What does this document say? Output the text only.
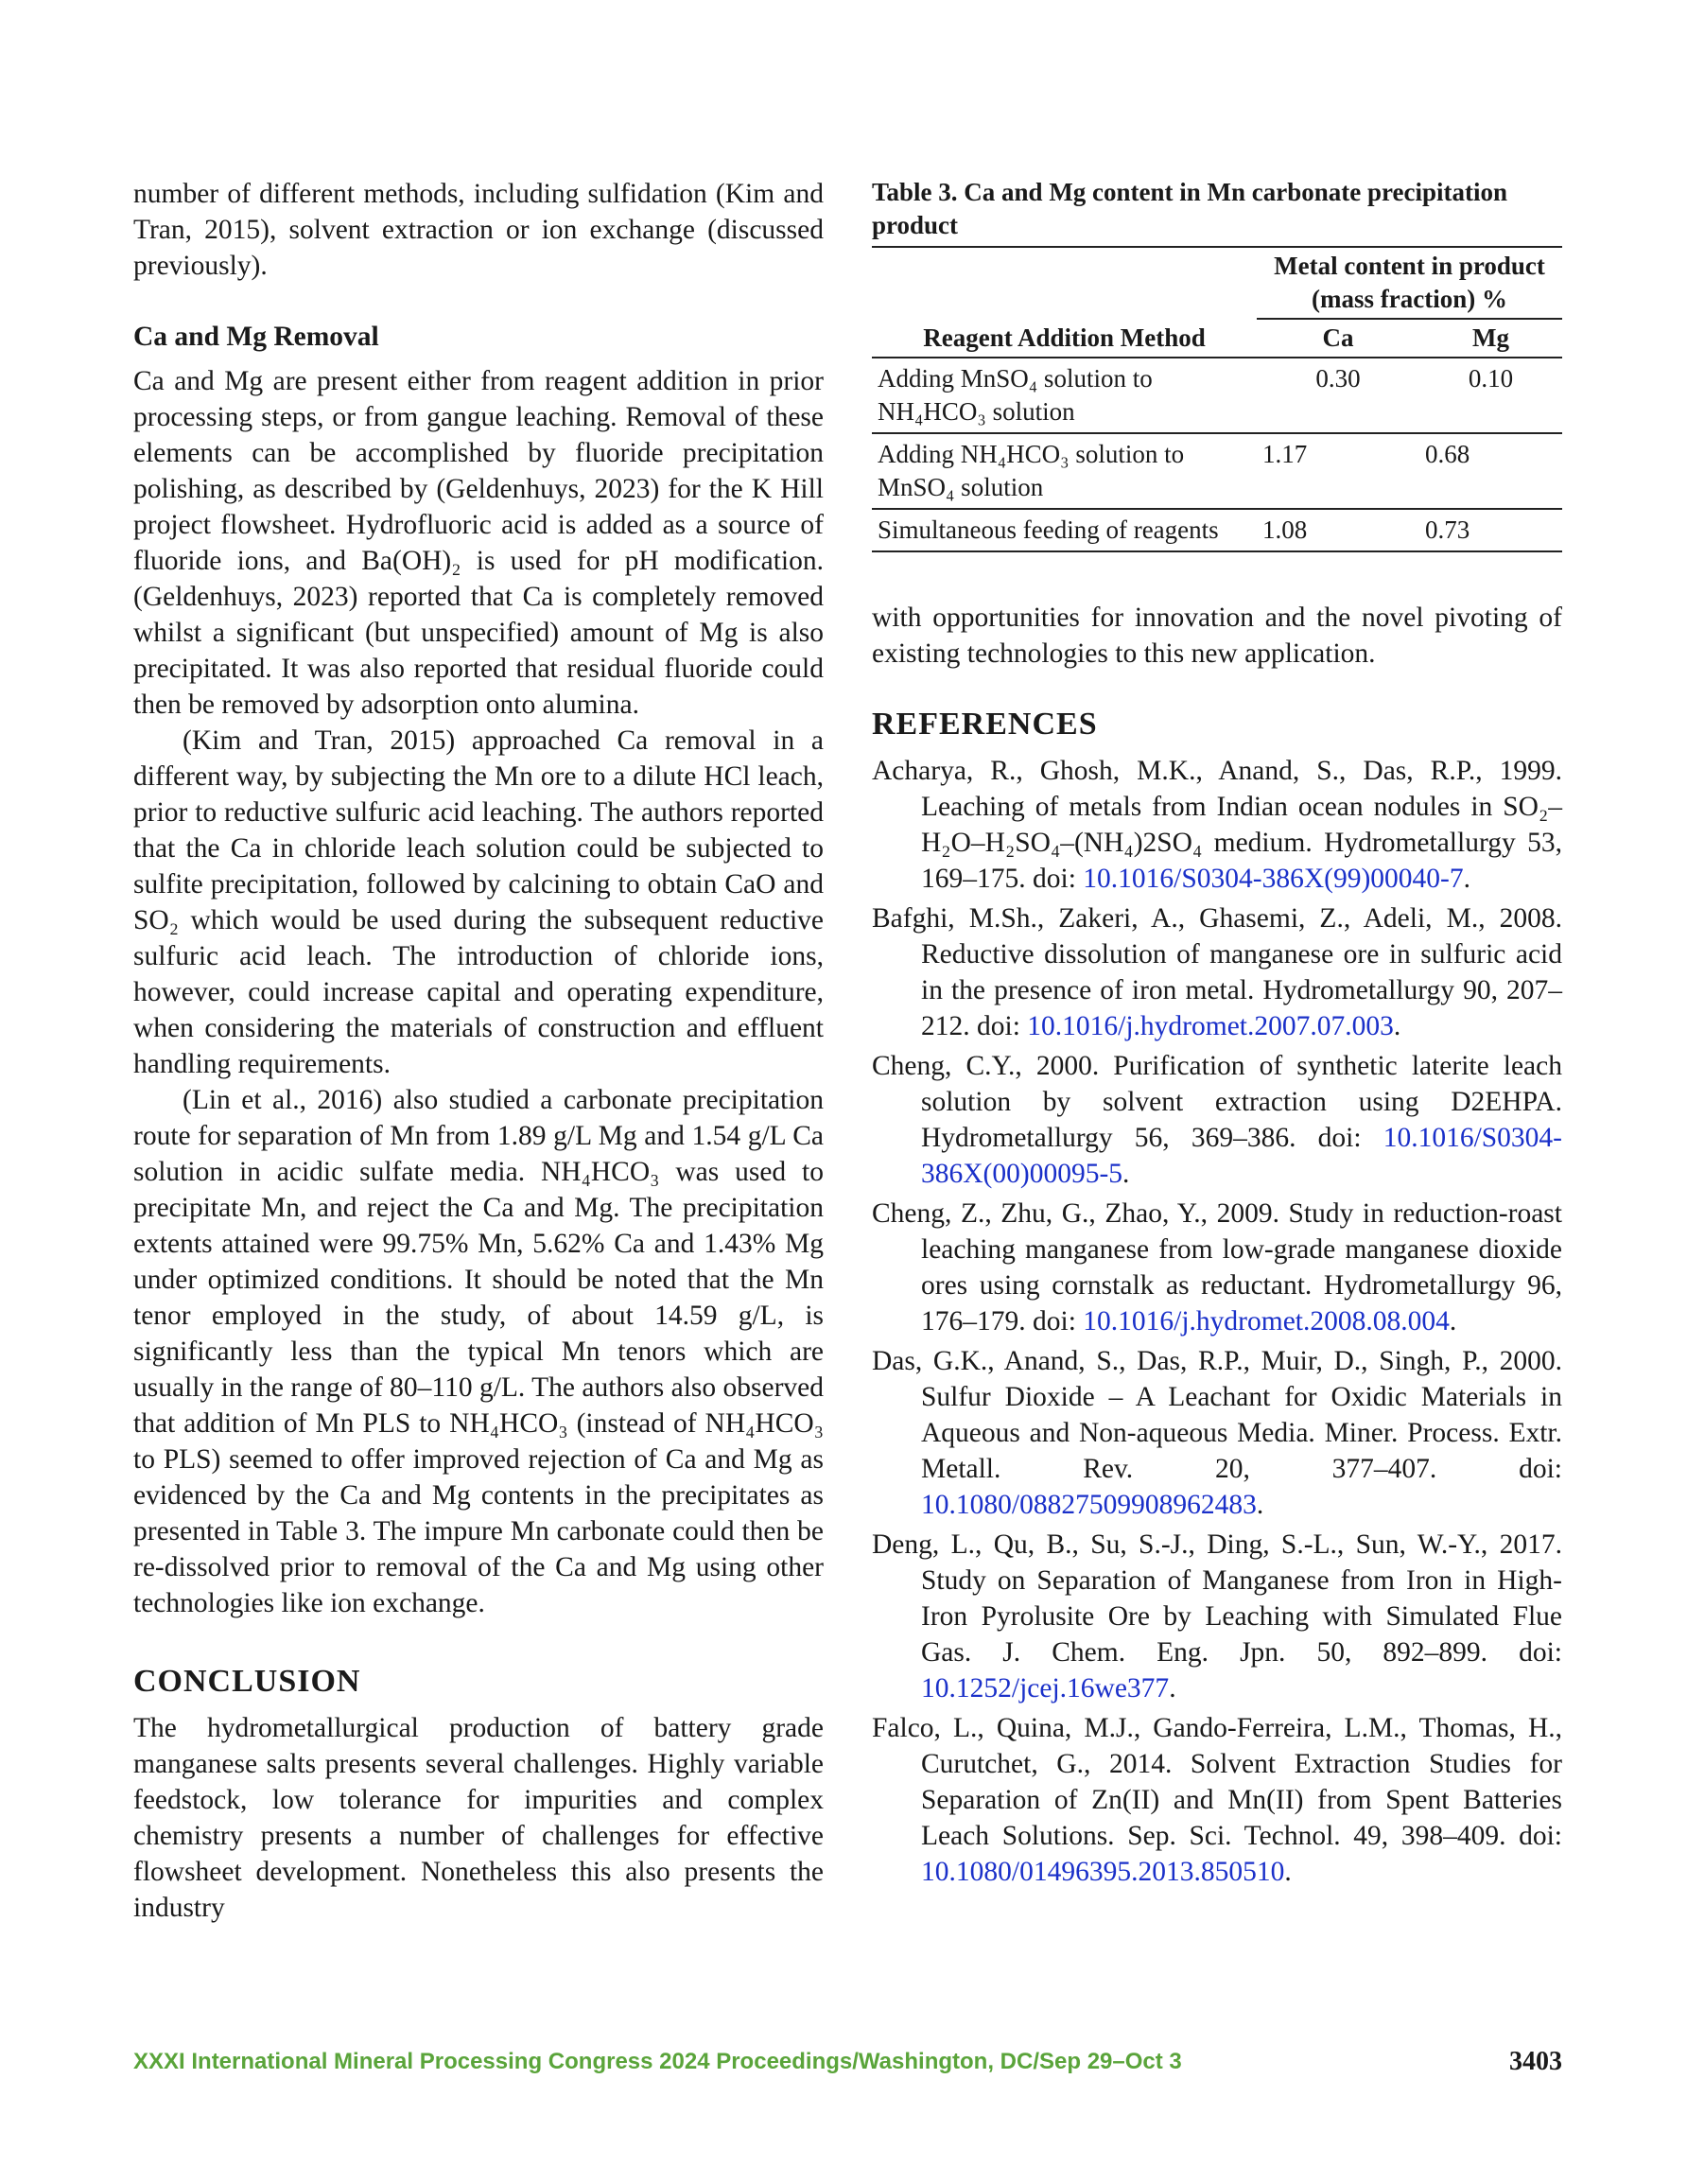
number of different methods, including sulfidation (Kim and Tran, 2015), solvent extraction or ion exchange (discussed previously).

Ca and Mg Removal

Ca and Mg are present either from reagent addition in prior processing steps, or from gangue leaching. Removal of these elements can be accomplished by fluoride precipitation polishing, as described by (Geldenhuys, 2023) for the K Hill project flowsheet. Hydrofluoric acid is added as a source of fluoride ions, and Ba(OH)₂ is used for pH modification. (Geldenhuys, 2023) reported that Ca is completely removed whilst a significant (but unspecified) amount of Mg is also precipitated. It was also reported that residual fluoride could then be removed by adsorption onto alumina.

(Kim and Tran, 2015) approached Ca removal in a different way, by subjecting the Mn ore to a dilute HCl leach, prior to reductive sulfuric acid leaching. The authors reported that the Ca in chloride leach solution could be subjected to sulfite precipitation, followed by calcining to obtain CaO and SO₂ which would be used during the subsequent reductive sulfuric acid leach. The introduction of chloride ions, however, could increase capital and operating expenditure, when considering the materials of construction and effluent handling requirements.

(Lin et al., 2016) also studied a carbonate precipitation route for separation of Mn from 1.89 g/L Mg and 1.54 g/L Ca solution in acidic sulfate media. NH₄HCO₃ was used to precipitate Mn, and reject the Ca and Mg. The precipitation extents attained were 99.75% Mn, 5.62% Ca and 1.43% Mg under optimized conditions. It should be noted that the Mn tenor employed in the study, of about 14.59 g/L, is significantly less than the typical Mn tenors which are usually in the range of 80–110 g/L. The authors also observed that addition of Mn PLS to NH₄HCO₃ (instead of NH₄HCO₃ to PLS) seemed to offer improved rejection of Ca and Mg as evidenced by the Ca and Mg contents in the precipitates as presented in Table 3. The impure Mn carbonate could then be re-dissolved prior to removal of the Ca and Mg using other technologies like ion exchange.

CONCLUSION

The hydrometallurgical production of battery grade manganese salts presents several challenges. Highly variable feedstock, low tolerance for impurities and complex chemistry presents a number of challenges for effective flowsheet development. Nonetheless this also presents the industry

Table 3. Ca and Mg content in Mn carbonate precipitation product
	Metal content in product (mass fraction) %	
Reagent Addition Method	Ca	Mg
Adding MnSO₄ solution to NH₄HCO₃ solution	0.30	0.10
Adding NH₄HCO₃ solution to MnSO₄ solution	1.17	0.68
Simultaneous feeding of reagents	1.08	0.73

with opportunities for innovation and the novel pivoting of existing technologies to this new application.

REFERENCES
Acharya, R., Ghosh, M.K., Anand, S., Das, R.P., 1999. Leaching of metals from Indian ocean nodules in SO₂–H₂O–H₂SO₄–(NH₄)2SO₄ medium. Hydrometallurgy 53, 169–175. doi: 10.1016/S0304-386X(99)00040-7.
Bafghi, M.Sh., Zakeri, A., Ghasemi, Z., Adeli, M., 2008. Reductive dissolution of manganese ore in sulfuric acid in the presence of iron metal. Hydrometallurgy 90, 207–212. doi: 10.1016/j.hydromet.2007.07.003.
Cheng, C.Y., 2000. Purification of synthetic laterite leach solution by solvent extraction using D2EHPA. Hydrometallurgy 56, 369–386. doi: 10.1016/S0304-386X(00)00095-5.
Cheng, Z., Zhu, G., Zhao, Y., 2009. Study in reduction-roast leaching manganese from low-grade manganese dioxide ores using cornstalk as reductant. Hydrometallurgy 96, 176–179. doi: 10.1016/j.hydromet.2008.08.004.
Das, G.K., Anand, S., Das, R.P., Muir, D., Singh, P., 2000. Sulfur Dioxide – A Leachant for Oxidic Materials in Aqueous and Non-aqueous Media. Miner. Process. Extr. Metall. Rev. 20, 377–407. doi: 10.1080/08827509908962483.
Deng, L., Qu, B., Su, S.-J., Ding, S.-L., Sun, W.-Y., 2017. Study on Separation of Manganese from Iron in High-Iron Pyrolusite Ore by Leaching with Simulated Flue Gas. J. Chem. Eng. Jpn. 50, 892–899. doi: 10.1252/jcej.16we377.
Falco, L., Quina, M.J., Gando-Ferreira, L.M., Thomas, H., Curutchet, G., 2014. Solvent Extraction Studies for Separation of Zn(II) and Mn(II) from Spent Batteries Leach Solutions. Sep. Sci. Technol. 49, 398–409. doi: 10.1080/01496395.2013.850510.
XXXI International Mineral Processing Congress 2024 Proceedings/Washington, DC/Sep 29–Oct 3	3403
